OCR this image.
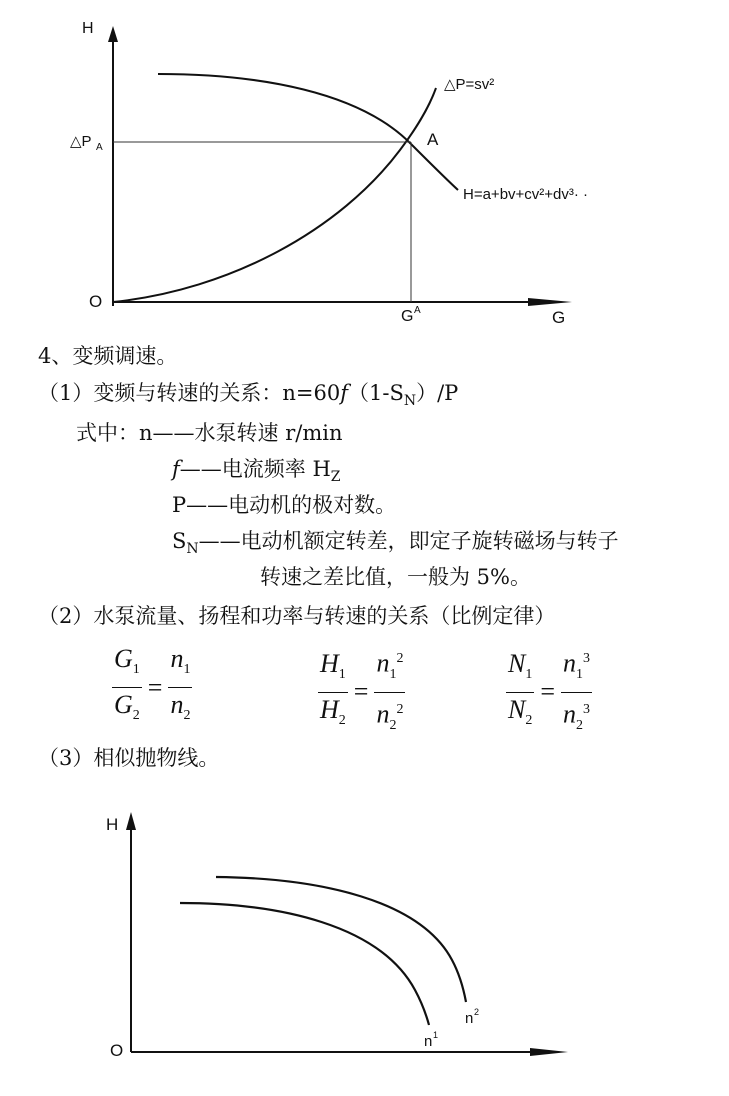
H
O
G
△P A	A
G A
△P=sv²
H=a+bv+cv²+dv³· ·
4、变频调速。
（1）变频与转速的关系：$n=60f(1-S_N)/P$
式中：n——水泵转速 r/min
f——电流频率 $H_Z$
P——电动机的极对数。
$S_N——$电动机额定转差，即定子旋转磁场与转子
转速之差比值，一般为 5%。
（2）水泵流量、扬程和功率与转速的关系（比例定律）
$\frac{G_1}{G_2} = \frac{n_1}{n_2}$	$\frac{H_1}{H_2} = \frac{n_1^2}{n_2^2}$	$\frac{N_1}{N_2} = \frac{n_1^3}{n_2^3}$
（3）相似抛物线。
H
O	n 1
n 2
